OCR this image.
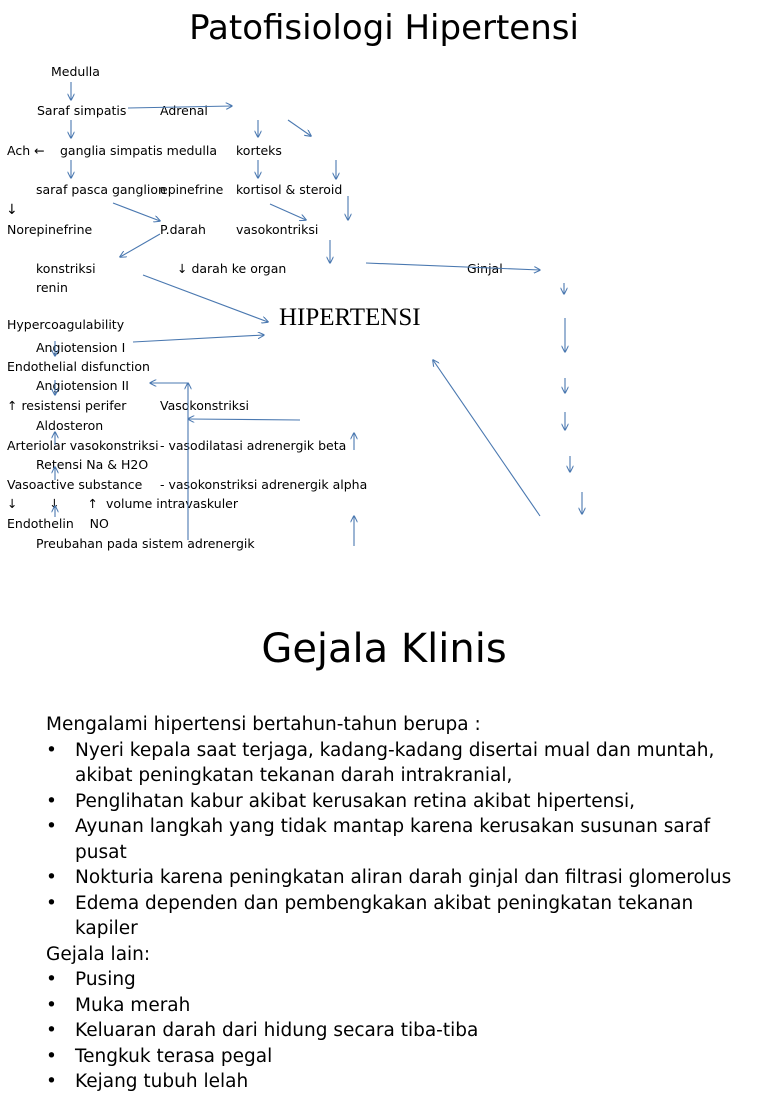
Patofisiologi Hipertensi
Medulla
Saraf simpatis	Adrenal
Ach ← ganglia simpatis medulla korteks
saraf pasca ganglion
epinefrine kortisol & steroid
↓
Norepinefrine	P.darah vasokontriksi
konstriksi	↓ darah ke organ	Ginjal
renin
HIPERTENSI
Hypercoagulability
Angiotension I
Endothelial disfunction
Angiotension II
↑ resistensi perifer	Vasokonstriksi
Aldosteron
Arteriolar vasokonstriksi - vasodilatasi adrenergik beta
Retensi Na & H2O
Vasoactive substance - vasokonstriksi adrenergik alpha
↓        ↓       ↑  volume intravaskuler
Endothelin    NO
Preubahan pada sistem adrenergik
Gejala Klinis
Mengalami hipertensi bertahun-tahun berupa :
• Nyeri kepala saat terjaga, kadang-kadang disertai mual dan muntah, akibat peningkatan tekanan darah intrakranial,
• Penglihatan kabur akibat kerusakan retina akibat hipertensi,
• Ayunan langkah yang tidak mantap karena kerusakan susunan saraf pusat
• Nokturia karena peningkatan aliran darah ginjal dan filtrasi glomerolus
• Edema dependen dan pembengkakan akibat peningkatan tekanan kapiler
Gejala lain:
• Pusing
• Muka merah
• Keluaran darah dari hidung secara tiba-tiba
• Tengkuk terasa pegal
• Kejang tubuh lelah
